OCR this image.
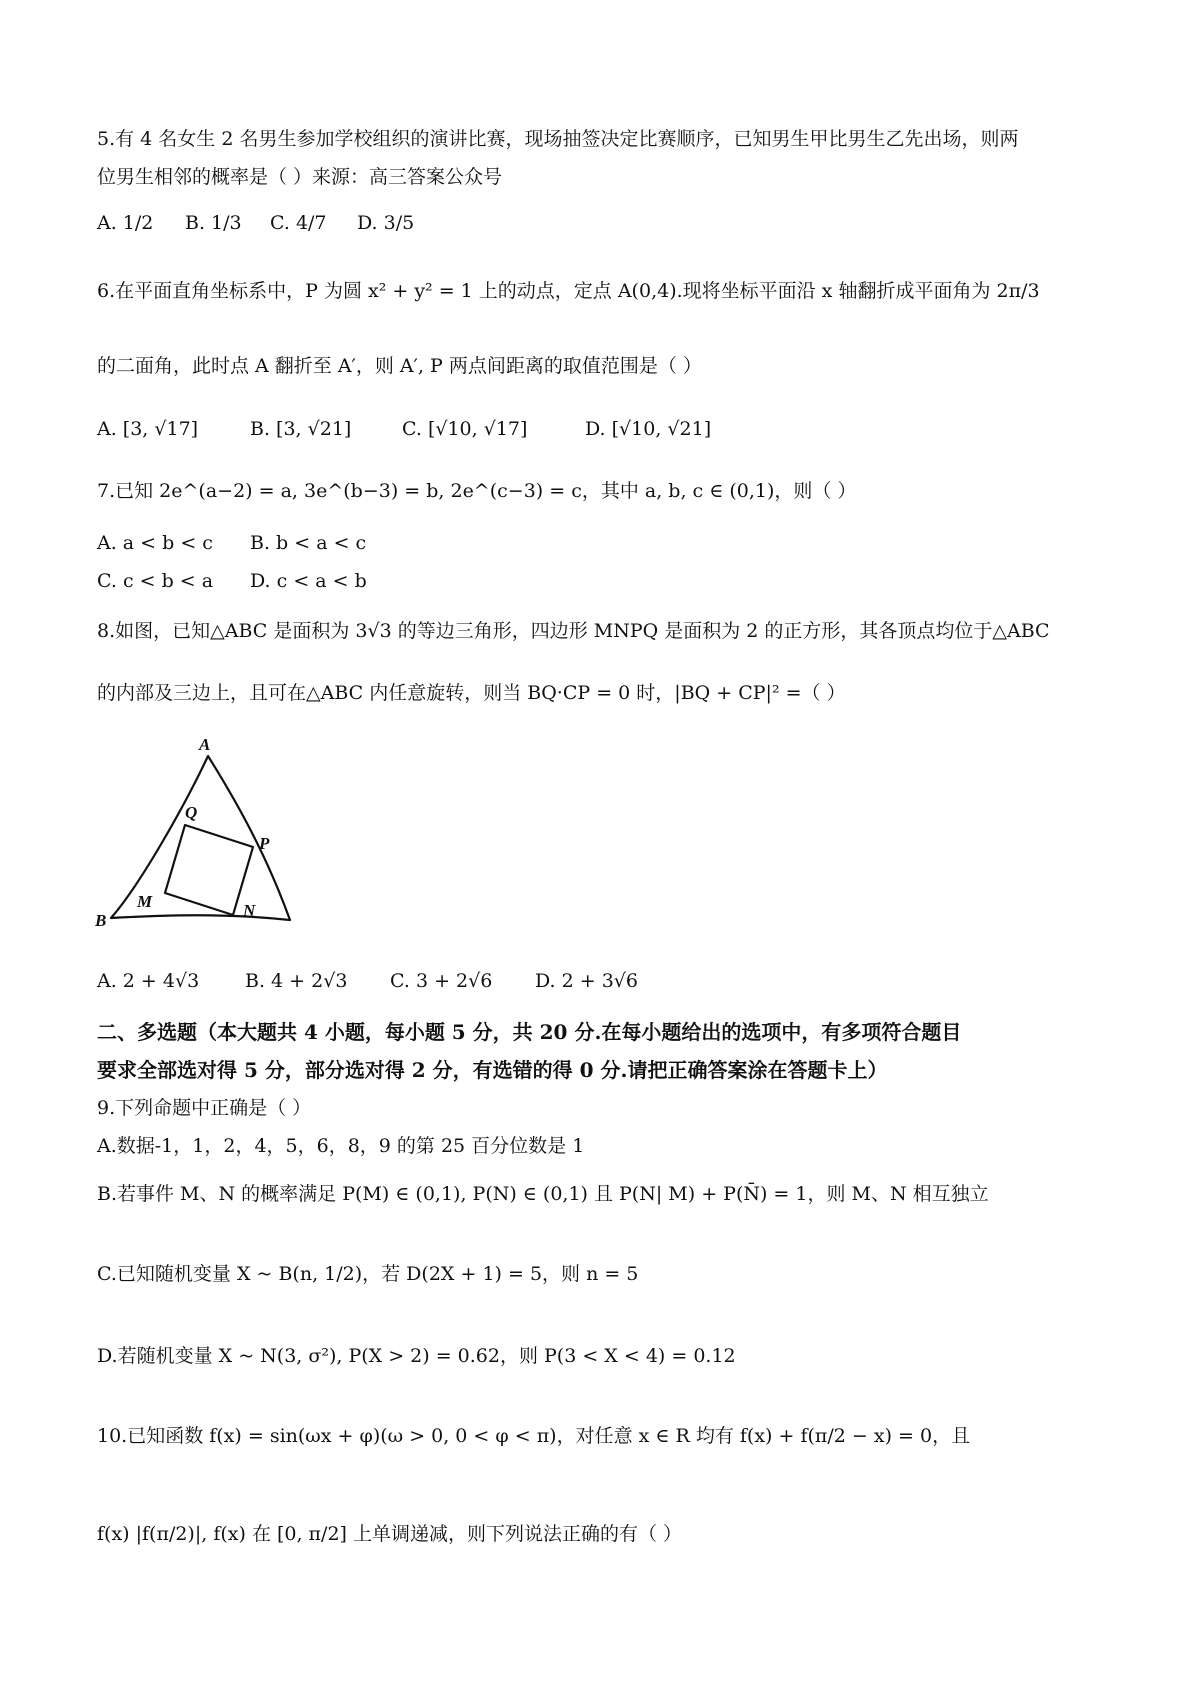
5.有 4 名女生 2 名男生参加学校组织的演讲比赛，现场抽签决定比赛顺序，已知男生甲比男生乙先出场，则两
位男生相邻的概率是（ ）来源：高三答案公众号
A. 1/2 B. 1/3 C. 4/7 D. 3/5
6.在平面直角坐标系中，P 为圆 x² + y² = 1 上的动点，定点 A(0,4).现将坐标平面沿 x 轴翻折成平面角为 2π/3
的二面角，此时点 A 翻折至 A′，则 A′, P 两点间距离的取值范围是（ ）
A. [3, √17]	B. [3, √21]	C. [√10, √17]	D. [√10, √21]
7.已知 2e^(a−2) = a, 3e^(b−3) = b, 2e^(c−3) = c，其中 a, b, c ∈ (0,1)，则（ ）
A. a < b < c B. b < a < c
C. c < b < a D. c < a < b
8.如图，已知△ABC 是面积为 3√3 的等边三角形，四边形 MNPQ 是面积为 2 的正方形，其各顶点均位于△ABC
的内部及三边上，且可在△ABC 内任意旋转，则当 BQ·CP = 0 时，|BQ + CP|² =（ ）
A
Q
P
M	N
B
A. 2 + 4√3 B. 4 + 2√3 C. 3 + 2√6 D. 2 + 3√6
二、多选题（本大题共 4 小题，每小题 5 分，共 20 分.在每小题给出的选项中，有多项符合题目
要求全部选对得 5 分，部分选对得 2 分，有选错的得 0 分.请把正确答案涂在答题卡上）
9.下列命题中正确是（ ）
A.数据-1，1，2，4，5，6，8，9 的第 25 百分位数是 1
B.若事件 M、N 的概率满足 P(M) ∈ (0,1), P(N) ∈ (0,1) 且 P(N| M) + P(N̄) = 1，则 M、N 相互独立
C.已知随机变量 X ~ B(n, 1/2)，若 D(2X + 1) = 5，则 n = 5
D.若随机变量 X ~ N(3, σ²), P(X > 2) = 0.62，则 P(3 < X < 4) = 0.12
10.已知函数 f(x) = sin(ωx + φ)(ω > 0, 0 < φ < π)，对任意 x ∈ R 均有 f(x) + f(π/2 − x) = 0，且
f(x) |f(π/2)|, f(x) 在 [0, π/2] 上单调递减，则下列说法正确的有（ ）
